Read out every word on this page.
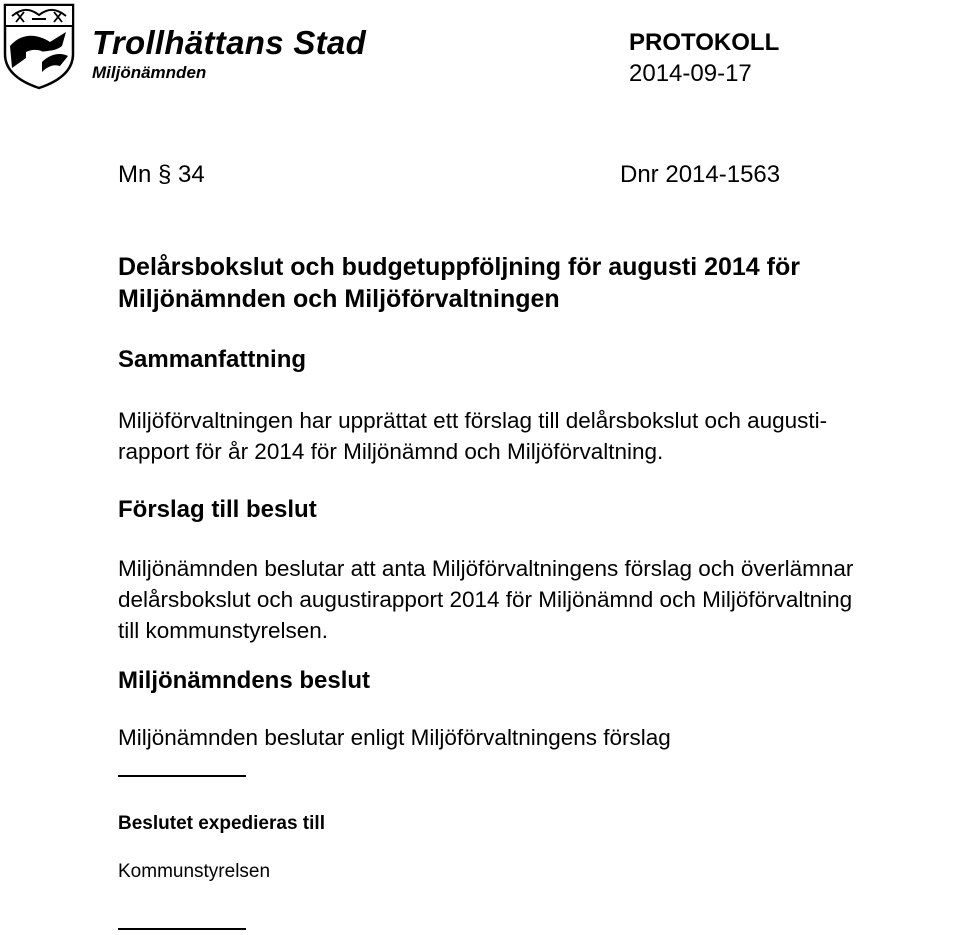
Trollhättans Stad
Miljönämnden
PROTOKOLL
2014-09-17
Mn § 34	Dnr 2014-1563
Delårsbokslut och budgetuppföljning för augusti 2014 för
Miljönämnden och Miljöförvaltningen
Sammanfattning
Miljöförvaltningen har upprättat ett förslag till delårsbokslut och augusti-
rapport för år 2014 för Miljönämnd och Miljöförvaltning.
Förslag till beslut
Miljönämnden beslutar att anta Miljöförvaltningens förslag och överlämnar
delårsbokslut och augustirapport 2014 för Miljönämnd och Miljöförvaltning
till kommunstyrelsen.
Miljönämndens beslut
Miljönämnden beslutar enligt Miljöförvaltningens förslag
Beslutet expedieras till
Kommunstyrelsen
